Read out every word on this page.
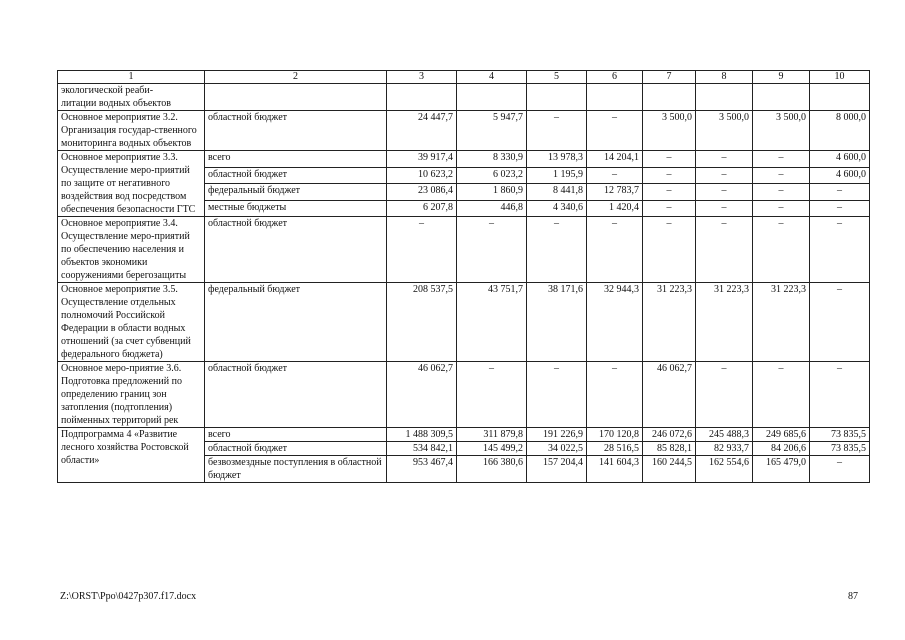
1	2	3	4	5	6	7	8	9	10
экологической реаби-
литации водных объектов									
Основное мероприятие 3.2. Организация государ-ственного мониторинга водных объектов	областной бюджет	24 447,7	5 947,7	–	–	3 500,0	3 500,0	3 500,0	8 000,0
Основное мероприятие 3.3. Осуществление меро-приятий по защите от негативного воздействия вод посредством обеспечения безопасности ГТС	всего	39 917,4	8 330,9	13 978,3	14 204,1	–	–	–	4 600,0
	областной бюджет	10 623,2	6 023,2	1 195,9	–	–	–	–	4 600,0
	федеральный бюджет	23 086,4	1 860,9	8 441,8	12 783,7	–	–	–	–
	местные бюджеты	6 207,8	446,8	4 340,6	1 420,4	–	–	–	–
Основное мероприятие 3.4. Осуществление меро-приятий по обеспечению населения и объектов экономики сооружениями берегозащиты	областной бюджет	–	–	–	–	–	–	–	–
Основное мероприятие 3.5. Осуществление отдельных полномочий Российской Федерации в области водных отношений (за счет субвенций федерального бюджета)	федеральный бюджет	208 537,5	43 751,7	38 171,6	32 944,3	31 223,3	31 223,3	31 223,3	–
Основное меро-приятие 3.6. Подготовка предложений по определению границ зон затопления (подтопления) пойменных территорий рек	областной бюджет	46 062,7	–	–	–	46 062,7	–	–	–
Подпрограмма 4 «Развитие лесного хозяйства Ростовской области»	всего	1 488 309,5	311 879,8	191 226,9	170 120,8	246 072,6	245 488,3	249 685,6	73 835,5
	областной бюджет	534 842,1	145 499,2	34 022,5	28 516,5	85 828,1	82 933,7	84 206,6	73 835,5
	безвозмездные поступления в областной бюджет	953 467,4	166 380,6	157 204,4	141 604,3	160 244,5	162 554,6	165 479,0	–
Z:\ORST\Ppo\0427p307.f17.docx	87
